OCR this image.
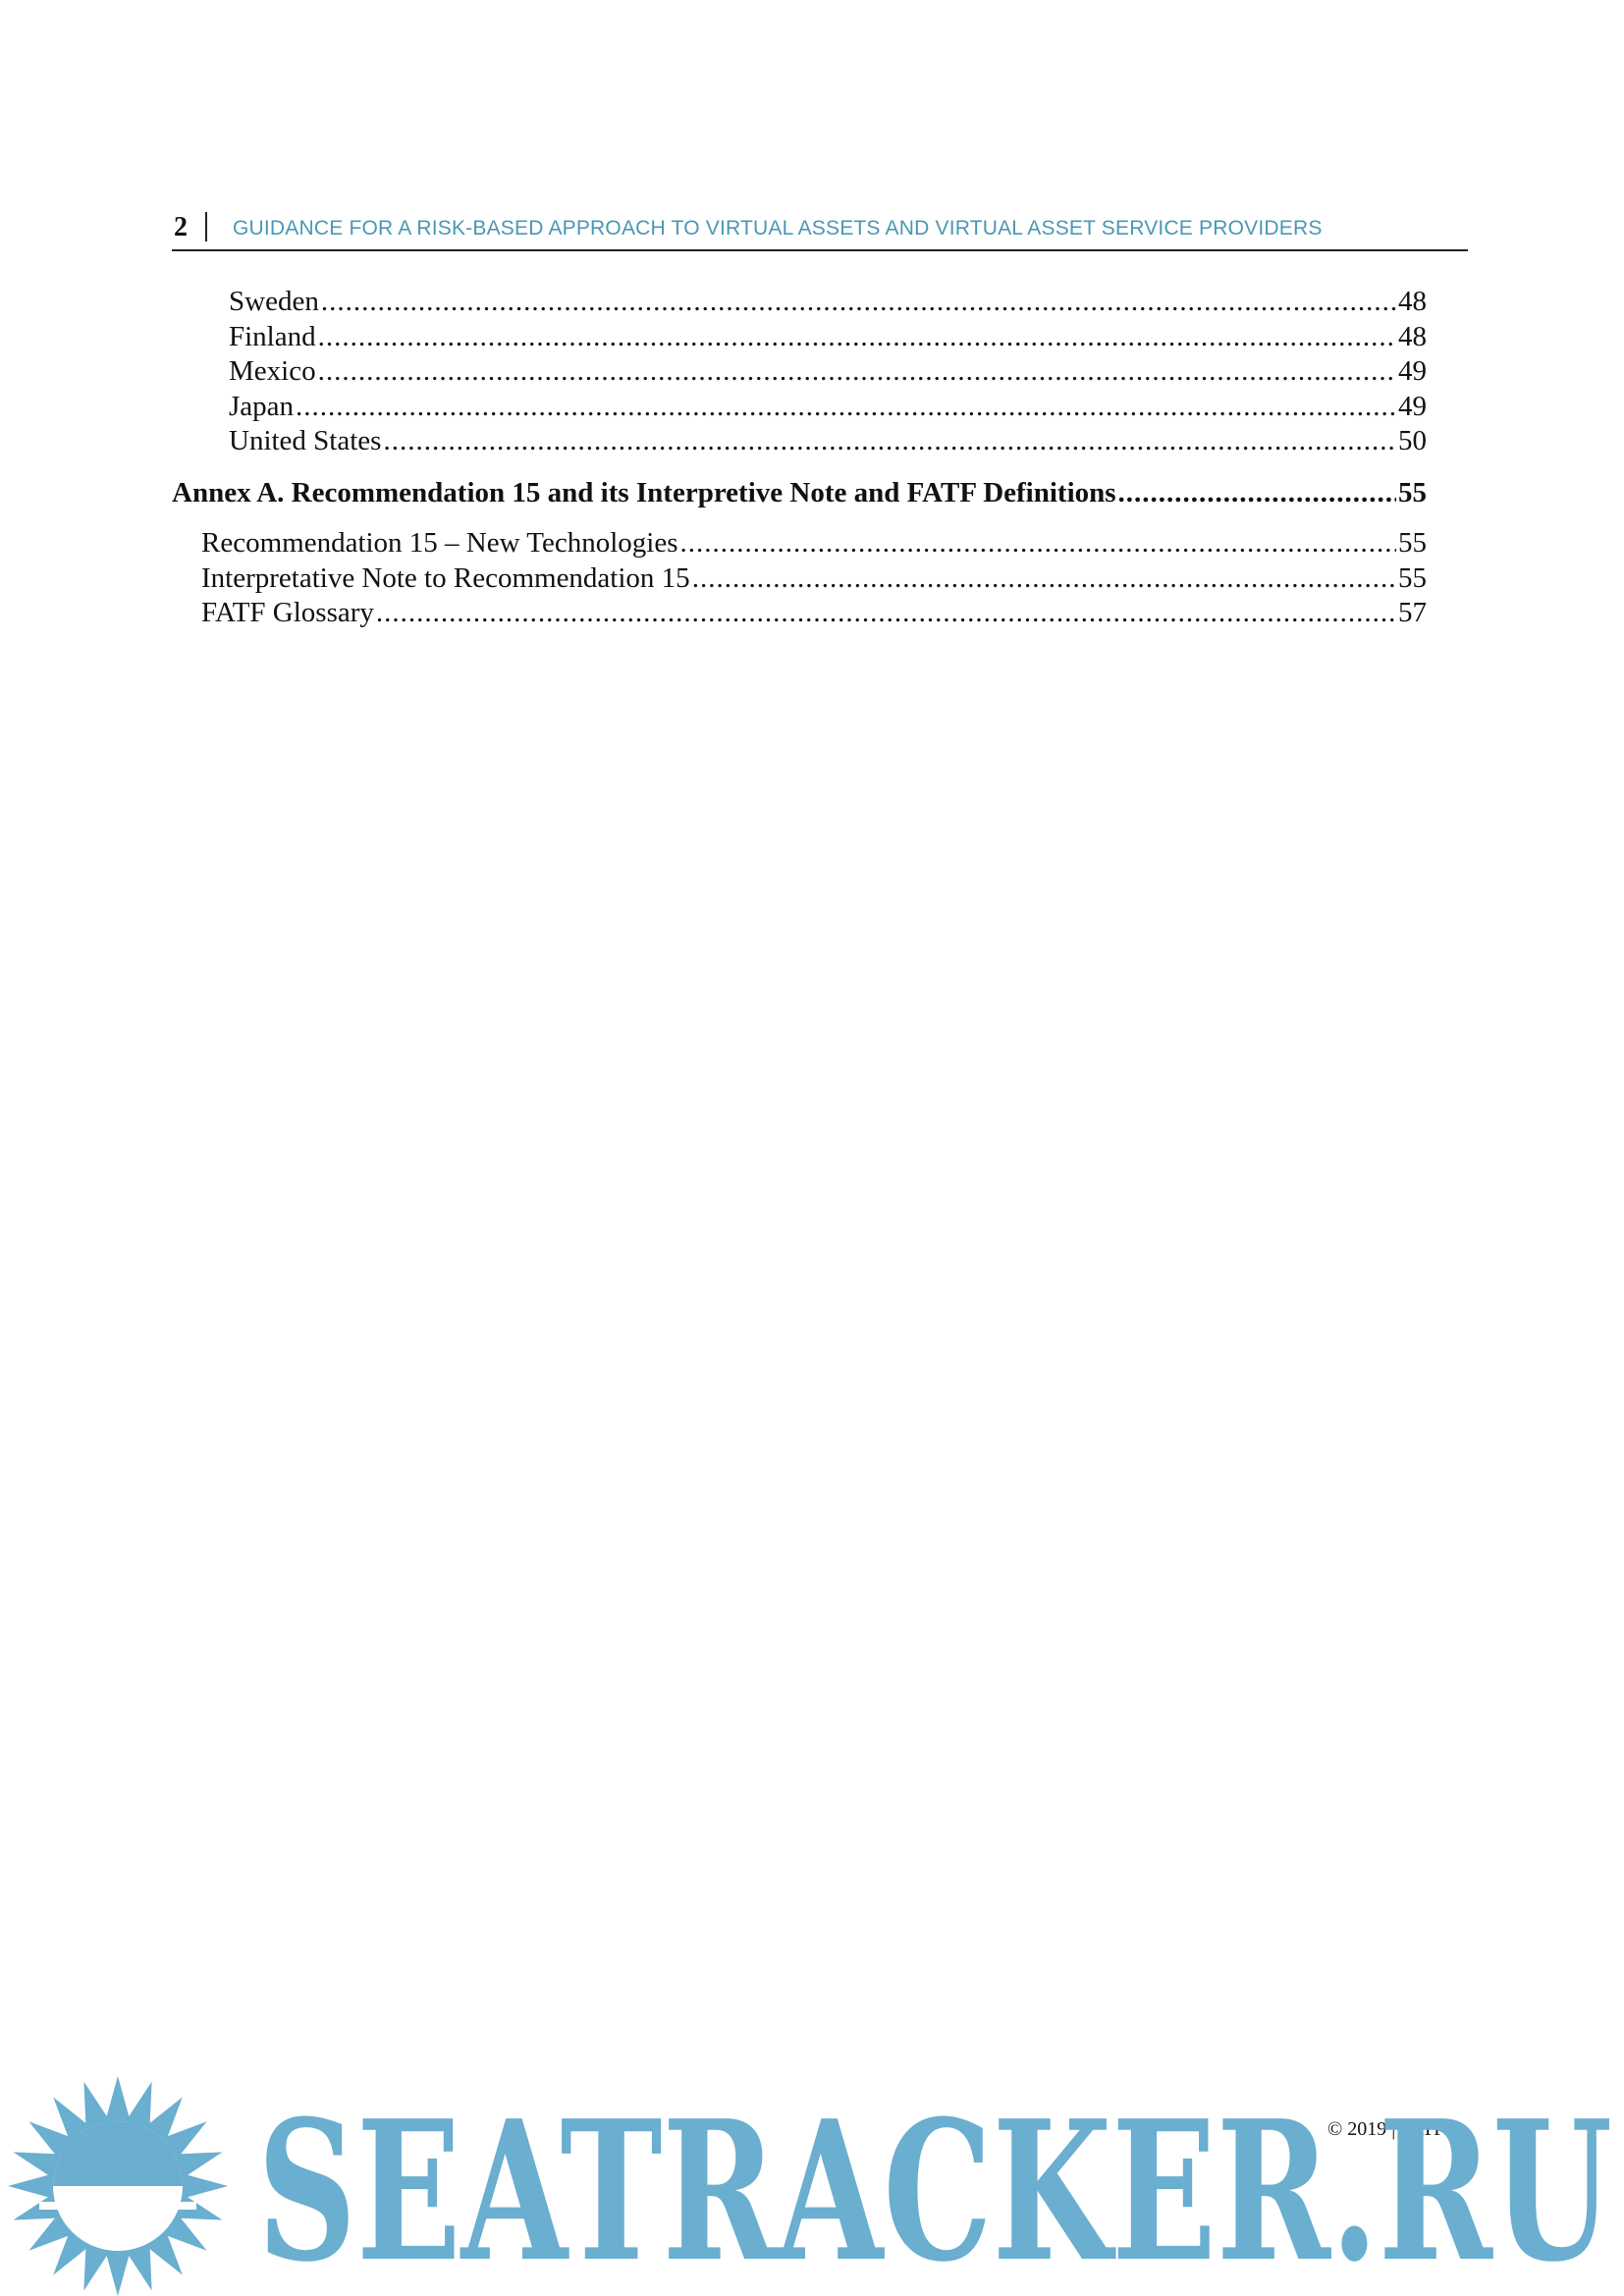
2 GUIDANCE FOR A RISK-BASED APPROACH TO VIRTUAL ASSETS AND VIRTUAL ASSET SERVICE PROVIDERS
Sweden .....	48
Finland .....	48
Mexico .....	49
Japan .....	49
United States .....	50
Annex A. Recommendation 15 and its Interpretive Note and FATF Definitions .....	55
Recommendation 15 – New Technologies .....	55
Interpretative Note to Recommendation 15 .....	55
FATF Glossary .....	57
© 2019 | FATF
SEATRACKER.RU
